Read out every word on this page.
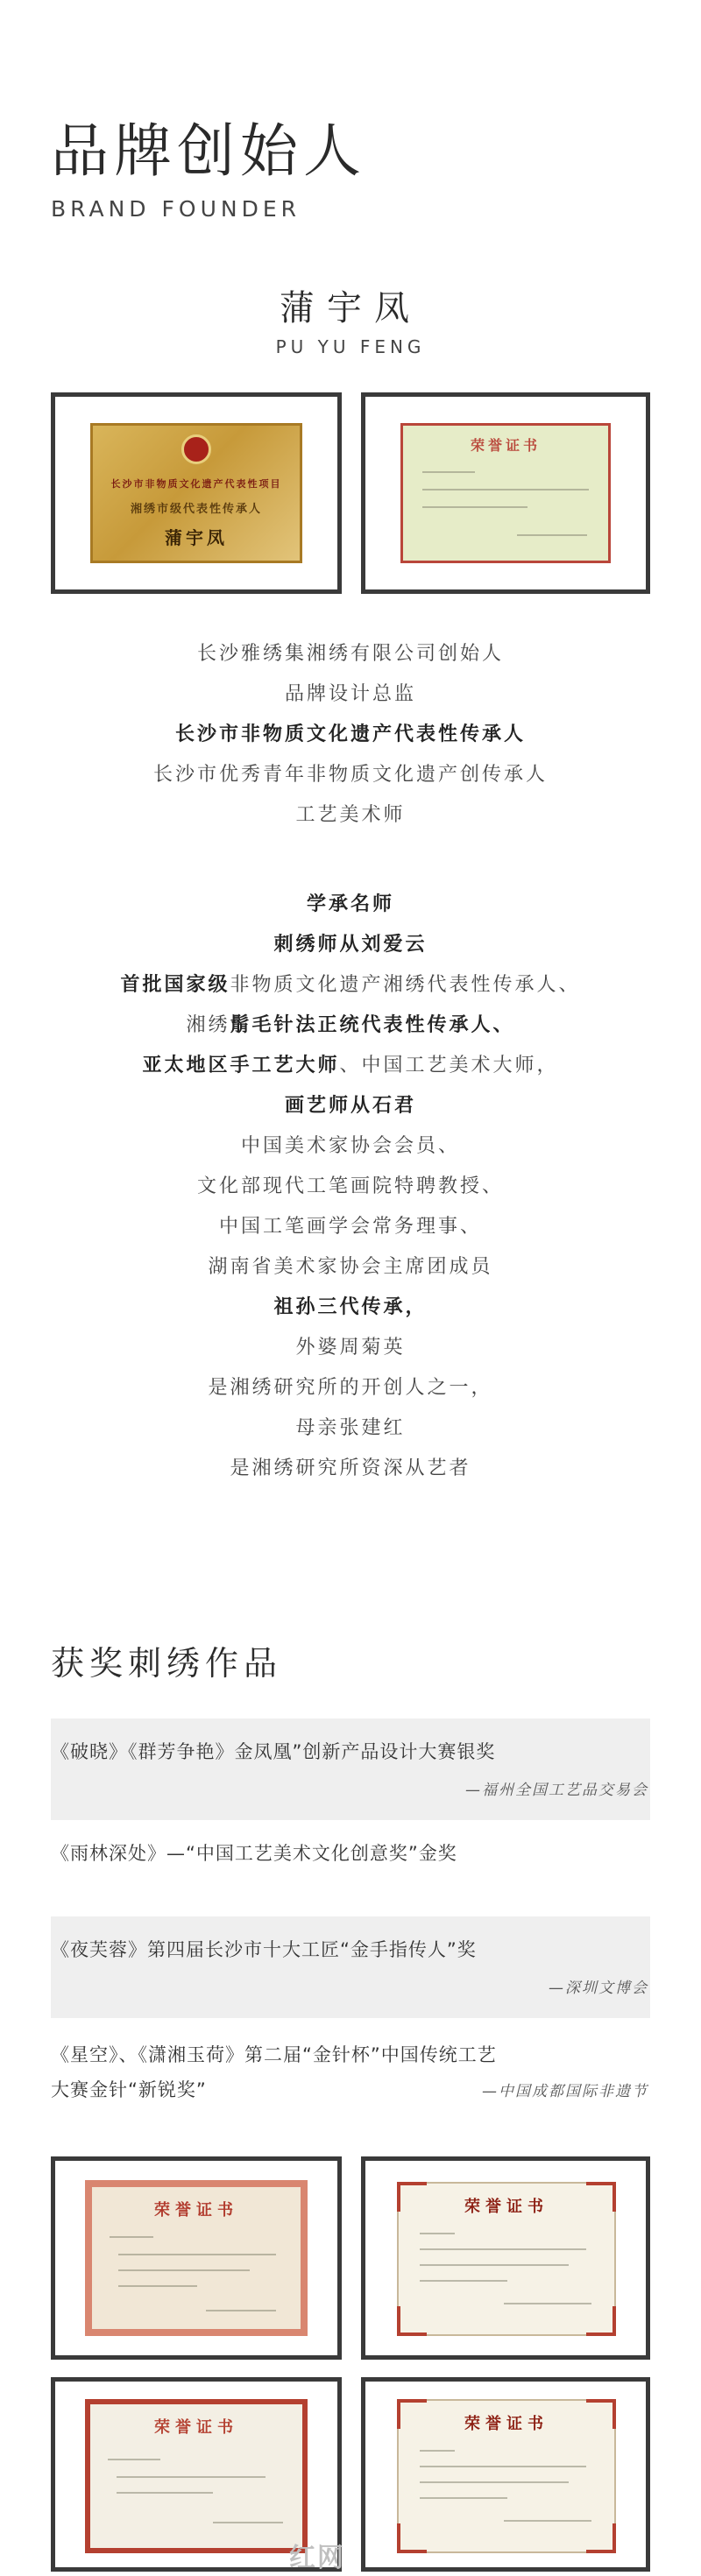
品牌创始人
BRAND FOUNDER
蒲宇凤
PU YU FENG
长沙市非物质文化遗产代表性项目
湘绣市级代表性传承人
蒲宇凤
荣誉证书
长沙雅绣集湘绣有限公司创始人
品牌设计总监
长沙市非物质文化遗产代表性传承人
长沙市优秀青年非物质文化遗产创传承人
工艺美术师
学承名师
刺绣师从刘爱云
首批国家级非物质文化遗产湘绣代表性传承人、
湘绣鬅毛针法正统代表性传承人、
亚太地区手工艺大师、中国工艺美术大师，
画艺师从石君
中国美术家协会会员、
文化部现代工笔画院特聘教授、
中国工笔画学会常务理事、
湖南省美术家协会主席团成员
祖孙三代传承，
外婆周菊英
是湘绣研究所的开创人之一，
母亲张建红
是湘绣研究所资深从艺者
获奖刺绣作品
《破晓》《群芳争艳》金凤凰”创新产品设计大赛银奖
—福州全国工艺品交易会
《雨林深处》—“中国工艺美术文化创意奖”金奖
《夜芙蓉》第四届长沙市十大工匠“金手指传人”奖
—深圳文博会
《星空》、《潇湘玉荷》第二届“金针杯”中国传统工艺
大赛金针“新锐奖”	—中国成都国际非遗节
荣誉证书	荣誉证书
荣誉证书	荣誉证书
红网
